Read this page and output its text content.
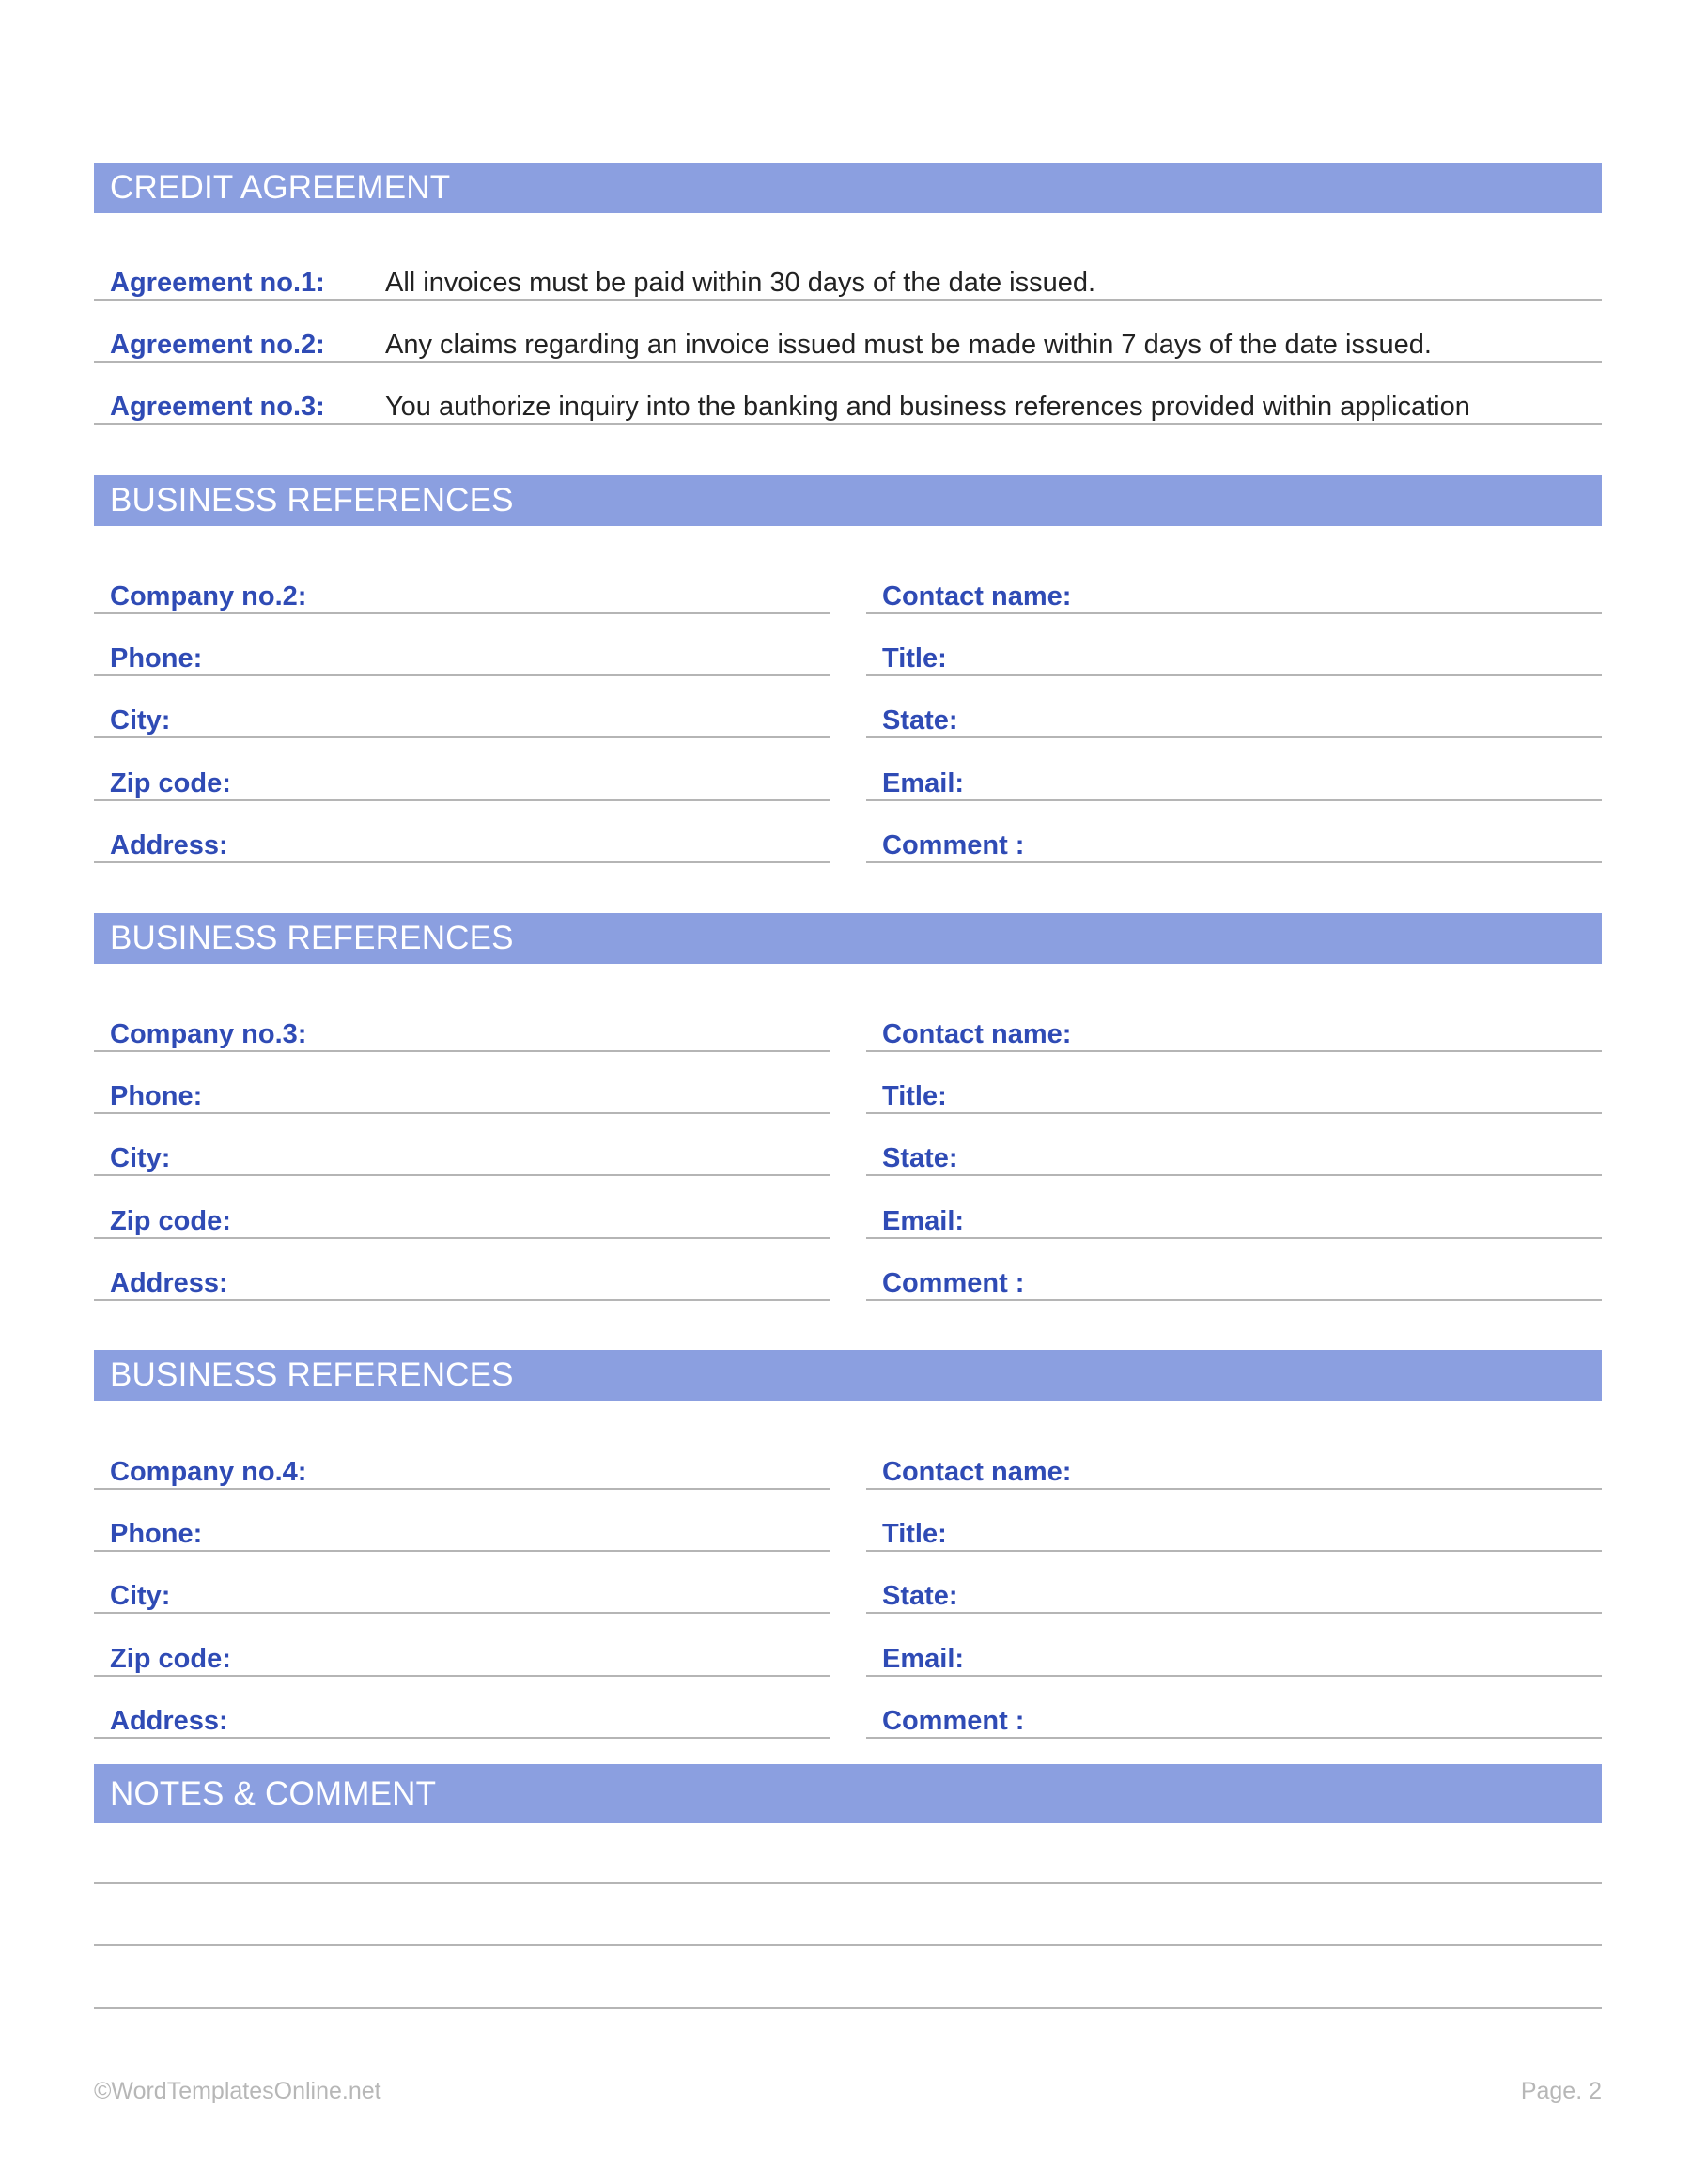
CREDIT AGREEMENT
Agreement no.1: All invoices must be paid within 30 days of the date issued.
Agreement no.2: Any claims regarding an invoice issued must be made within 7 days of the date issued.
Agreement no.3: You authorize inquiry into the banking and business references provided within application
BUSINESS REFERENCES
Company no.2:
Phone:
City:
Zip code:
Address:
Contact name:
Title:
State:
Email:
Comment :
BUSINESS REFERENCES
Company no.3:
Phone:
City:
Zip code:
Address:
Contact name:
Title:
State:
Email:
Comment :
BUSINESS REFERENCES
Company no.4:
Phone:
City:
Zip code:
Address:
Contact name:
Title:
State:
Email:
Comment :
NOTES & COMMENT
©WordTemplatesOnline.net	Page. 2
